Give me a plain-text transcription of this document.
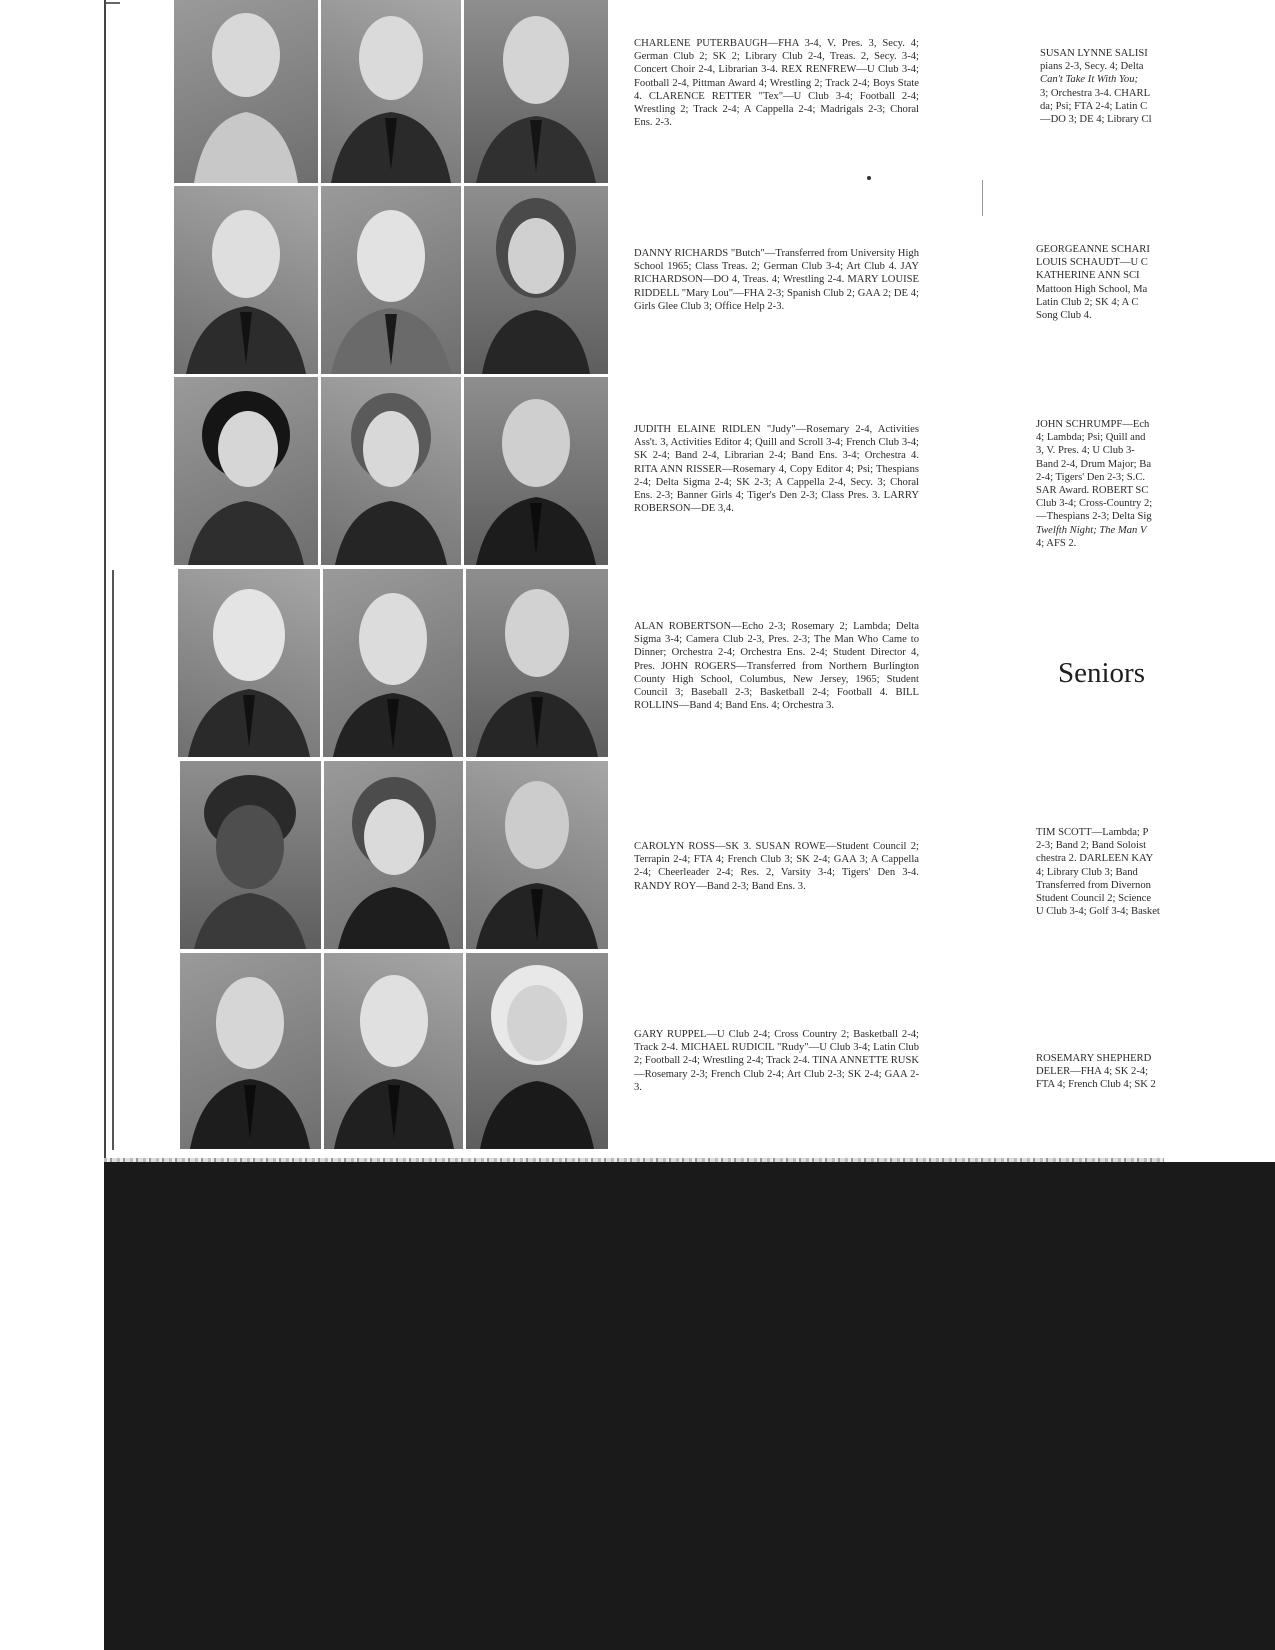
CHARLENE PUTERBAUGH—FHA 3-4, V. Pres. 3, Secy. 4; German Club 2; SK 2; Library Club 2-4, Treas. 2, Secy. 3-4; Concert Choir 2-4, Librarian 3-4. REX RENFREW—U Club 3-4; Football 2-4, Pittman Award 4; Wrestling 2; Track 2-4; Boys State 4. CLARENCE RETTER "Tex"—U Club 3-4; Football 2-4; Wrestling 2; Track 2-4; A Cappella 2-4; Madrigals 2-3; Choral Ens. 2-3.
DANNY RICHARDS "Butch"—Transferred from University High School 1965; Class Treas. 2; German Club 3-4; Art Club 4. JAY RICHARDSON—DO 4, Treas. 4; Wrestling 2-4. MARY LOUISE RIDDELL "Mary Lou"—FHA 2-3; Spanish Club 2; GAA 2; DE 4; Girls Glee Club 3; Office Help 2-3.
JUDITH ELAINE RIDLEN "Judy"—Rosemary 2-4, Activities Ass't. 3, Activities Editor 4; Quill and Scroll 3-4; French Club 3-4; SK 2-4; Band 2-4, Librarian 2-4; Band Ens. 3-4; Orchestra 4. RITA ANN RISSER—Rosemary 4, Copy Editor 4; Psi; Thespians 2-4; Delta Sigma 2-4; SK 2-3; A Cappella 2-4, Secy. 3; Choral Ens. 2-3; Banner Girls 4; Tiger's Den 2-3; Class Pres. 3. LARRY ROBERSON—DE 3,4.
ALAN ROBERTSON—Echo 2-3; Rosemary 2; Lambda; Delta Sigma 3-4; Camera Club 2-3, Pres. 2-3; The Man Who Came to Dinner; Orchestra 2-4; Orchestra Ens. 2-4; Student Director 4, Pres. JOHN ROGERS—Transferred from Northern Burlington County High School, Columbus, New Jersey, 1965; Student Council 3; Baseball 2-3; Basketball 2-4; Football 4. BILL ROLLINS—Band 4; Band Ens. 4; Orchestra 3.
CAROLYN ROSS—SK 3. SUSAN ROWE—Student Council 2; Terrapin 2-4; FTA 4; French Club 3; SK 2-4; GAA 3; A Cappella 2-4; Cheerleader 2-4; Res. 2, Varsity 3-4; Tigers' Den 3-4. RANDY ROY—Band 2-3; Band Ens. 3.
GARY RUPPEL—U Club 2-4; Cross Country 2; Basketball 2-4; Track 2-4. MICHAEL RUDICIL "Rudy"—U Club 3-4; Latin Club 2; Football 2-4; Wrestling 2-4; Track 2-4. TINA ANNETTE RUSK—Rosemary 2-3; French Club 2-4; Art Club 2-3; SK 2-4; GAA 2-3.
SUSAN LYNNE SALISI
pians 2-3, Secy. 4; Delta
Can't Take It With You;
3; Orchestra 3-4. CHARL
da; Psi; FTA 2-4; Latin C
—DO 3; DE 4; Library Cl
GEORGEANNE SCHARI
LOUIS SCHAUDT—U C
KATHERINE ANN SCI
Mattoon High School, Ma
Latin Club 2; SK 4; A C
Song Club 4.
JOHN SCHRUMPF—Ech
4; Lambda; Psi; Quill and
3, V. Pres. 4; U Club 3-
Band 2-4, Drum Major; Ba
2-4; Tigers' Den 2-3; S.C.
SAR Award. ROBERT SC
Club 3-4; Cross-Country 2;
—Thespians 2-3; Delta Sig
Twelfth Night; The Man V
4; AFS 2.
Seniors
TIM SCOTT—Lambda; P
2-3; Band 2; Band Soloist
chestra 2. DARLEEN KAY
4; Library Club 3; Band
Transferred from Divernon
Student Council 2; Science
U Club 3-4; Golf 3-4; Basket
ROSEMARY SHEPHERD
DELER—FHA 4; SK 2-4;
FTA 4; French Club 4; SK 2
